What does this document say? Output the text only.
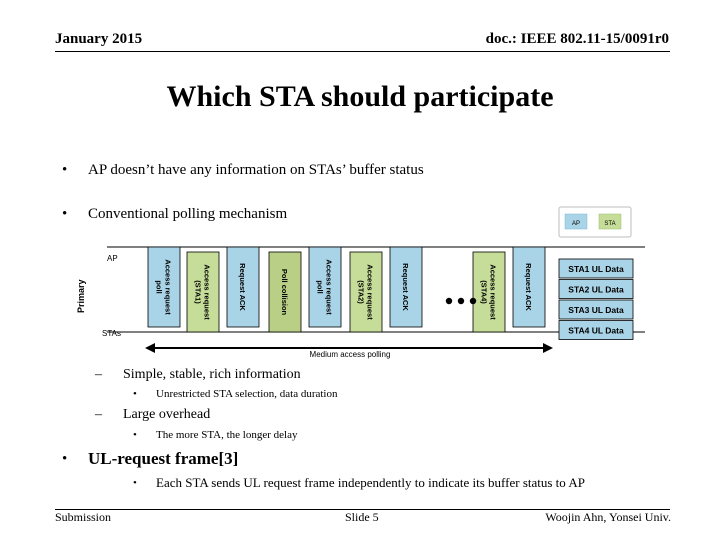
January 2015	doc.: IEEE 802.11-15/0091r0
Which STA should participate
• AP doesn’t have any information on STAs’ buffer status
• Conventional polling mechanism
AP	STA
AP
STAs
Primary	Access requestpoll	Access request(STA1)	Request ACK	Poll collision	Access requestpoll	Access request(STA2)	Request ACK	Access request(STA4)	Request ACK	STA1 UL Data
STA2 UL Data
STA3 UL Data
STA4 UL Data
Medium access polling
– Simple, stable, rich information
• Unrestricted STA selection, data duration
– Large overhead
• The more STA, the longer delay
• UL-request frame[3]
• Each STA sends UL request frame independently to indicate its buffer status to AP
Submission	Slide 5	Woojin Ahn, Yonsei Univ.
